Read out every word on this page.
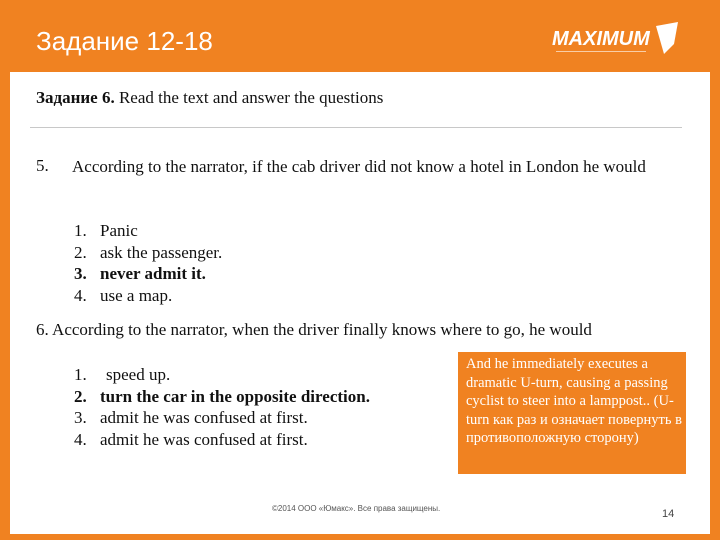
Задание 12-18	MAXIMUM
Задание 6. Read the text and answer the questions
5. According to the narrator, if the cab driver did not know a hotel in London he would
1. Panic
2. ask the passenger.
3. never admit it.
4. use a map.
6. According to the narrator, when the driver finally knows where to go, he would
1. speed up.
2. turn the car in the opposite direction.
3. admit he was confused at first.
4. admit he was confused at first.
And he immediately executes a dramatic U-turn, causing a passing cyclist to steer into a lamppost.. (U-turn как раз и означает повернуть в противоположную сторону)
©2014 ООО «Юмакс». Все права защищены.	14
